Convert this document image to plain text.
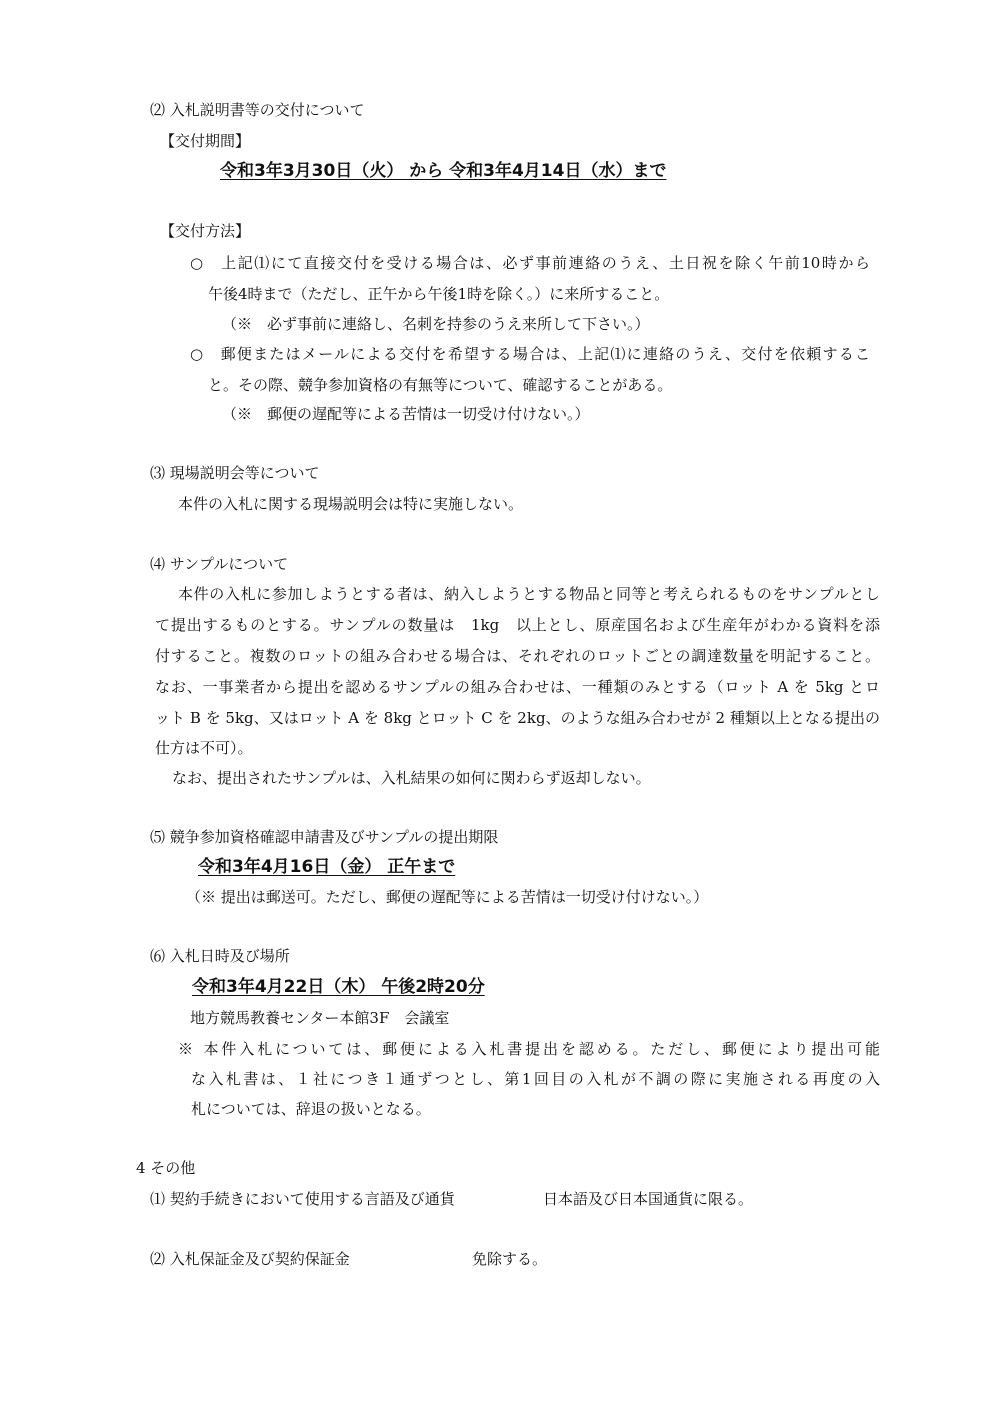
⑵ 入札説明書等の交付について
【交付期間】
令和3年3月30日（火） から 令和3年4月14日（水）まで
【交付方法】
○　上記⑴にて直接交付を受ける場合は、必ず事前連絡のうえ、土日祝を除く午前10時から
午後4時まで（ただし、正午から午後1時を除く。）に来所すること。
（※　必ず事前に連絡し、名刺を持参のうえ来所して下さい。）
○　郵便またはメールによる交付を希望する場合は、上記⑴に連絡のうえ、交付を依頼するこ
と。その際、競争参加資格の有無等について、確認することがある。
（※　郵便の遅配等による苦情は一切受け付けない。）
⑶ 現場説明会等について
本件の入札に関する現場説明会は特に実施しない。
⑷ サンプルについて
本件の入札に参加しようとする者は、納入しようとする物品と同等と考えられるものをサンプルとし
て提出するものとする。サンプルの数量は　1kg　以上とし、原産国名および生産年がわかる資料を添
付すること。複数のロットの組み合わせる場合は、それぞれのロットごとの調達数量を明記すること。
なお、一事業者から提出を認めるサンプルの組み合わせは、一種類のみとする（ロット A を 5kg とロ
ット B を 5kg、又はロット A を 8kg とロット C を 2kg、のような組み合わせが 2 種類以上となる提出の
仕方は不可）。
なお、提出されたサンプルは、入札結果の如何に関わらず返却しない。
⑸ 競争参加資格確認申請書及びサンプルの提出期限
令和3年4月16日（金） 正午まで
（※ 提出は郵送可。ただし、郵便の遅配等による苦情は一切受け付けない。）
⑹ 入札日時及び場所
令和3年4月22日（木） 午後2時20分
地方競馬教養センター本館3F　会議室
※ 本件入札については、郵便による入札書提出を認める。ただし、郵便により提出可能
な入札書は、１社につき１通ずつとし、第1回目の入札が不調の際に実施される再度の入
札については、辞退の扱いとなる。
4 その他
⑴ 契約手続きにおいて使用する言語及び通貨	日本語及び日本国通貨に限る。
⑵ 入札保証金及び契約保証金	免除する。
